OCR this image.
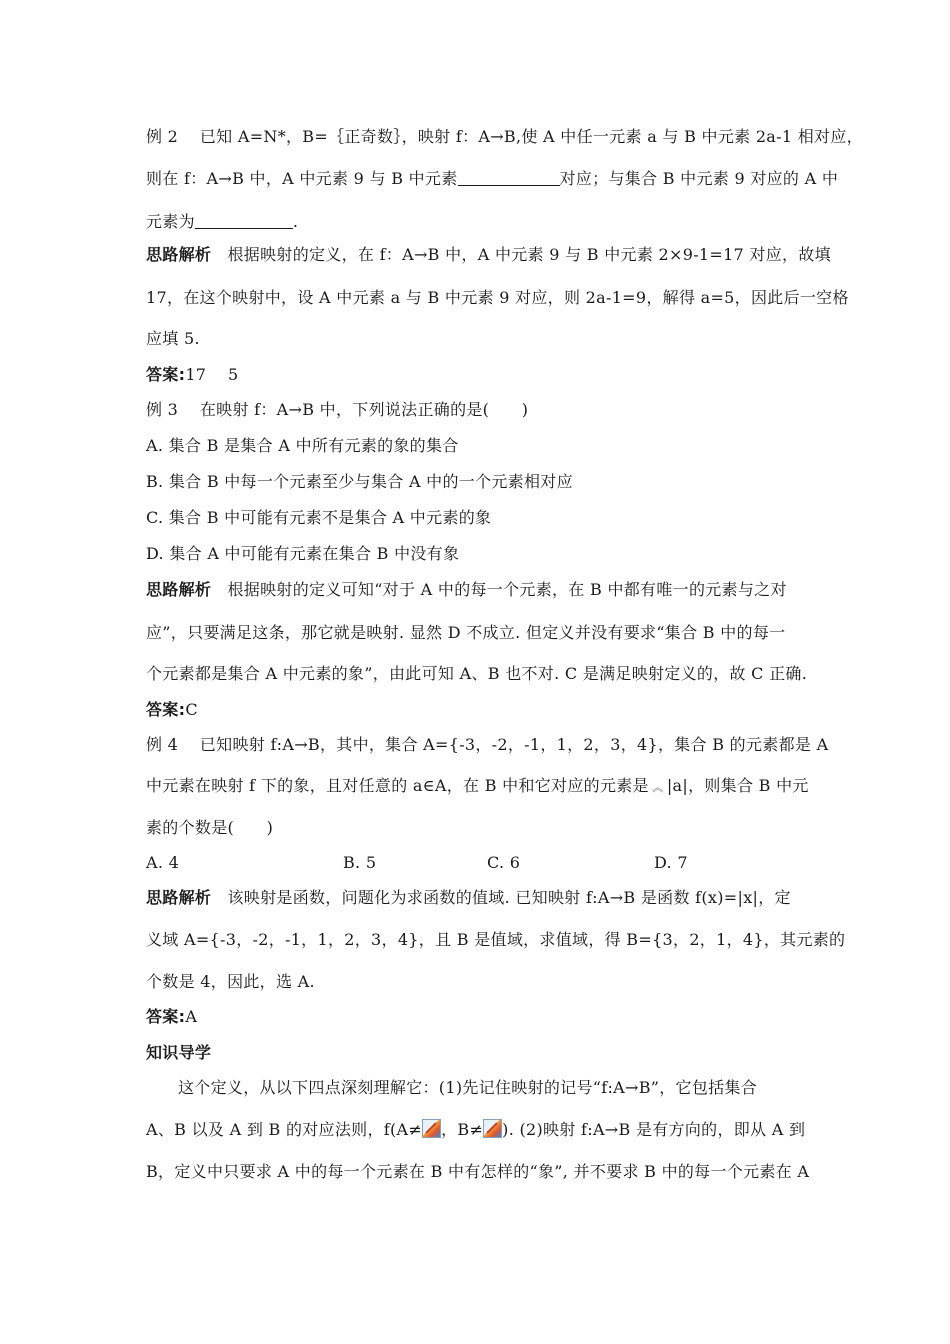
例 2　 已知 A=N*，B=｛正奇数｝，映射 f：A→B,使 A 中任一元素 a 与 B 中元素 2a-1 相对应，
则在 f：A→B 中，A 中元素 9 与 B 中元素	对应；与集合 B 中元素 9 对应的 A 中
元素为	.
思路解析　根据映射的定义，在 f：A→B 中，A 中元素 9 与 B 中元素 2×9-1=17 对应，故填
17，在这个映射中，设 A 中元素 a 与 B 中元素 9 对应，则 2a-1=9，解得 a=5，因此后一空格
应填 5.
答案:17　 5
例 3　 在映射 f：A→B 中，下列说法正确的是(　　)
A. 集合 B 是集合 A 中所有元素的象的集合
B. 集合 B 中每一个元素至少与集合 A 中的一个元素相对应
C. 集合 B 中可能有元素不是集合 A 中元素的象
D. 集合 A 中可能有元素在集合 B 中没有象
思路解析　根据映射的定义可知“对于 A 中的每一个元素，在 B 中都有唯一的元素与之对
应”，只要满足这条，那它就是映射. 显然 D 不成立. 但定义并没有要求“集合 B 中的每一
个元素都是集合 A 中元素的象”，由此可知 A、B 也不对. C 是满足映射定义的，故 C 正确.
答案:C
例 4　 已知映射 f:A→B，其中，集合 A={-3，-2，-1，1，2，3，4}，集合 B 的元素都是 A
中元素在映射 f 下的象，且对任意的 a∈A，在 B 中和它对应的元素是 ︽ |a|，则集合 B 中元
素的个数是(　　)
A. 4	B. 5	C. 6	D. 7
思路解析　该映射是函数，问题化为求函数的值域. 已知映射 f:A→B 是函数 f(x)=|x|，定
义域 A={-3，-2，-1，1，2，3，4}，且 B 是值域，求值域，得 B={3，2，1，4}，其元素的
个数是 4，因此，选 A.
答案:A
知识导学
这个定义，从以下四点深刻理解它：(1)先记住映射的记号“f:A→B”，它包括集合
A、B 以及 A 到 B 的对应法则，f(A≠ ，B≠ ). (2)映射 f:A→B 是有方向的，即从 A 到
B，定义中只要求 A 中的每一个元素在 B 中有怎样的“象”, 并不要求 B 中的每一个元素在 A
